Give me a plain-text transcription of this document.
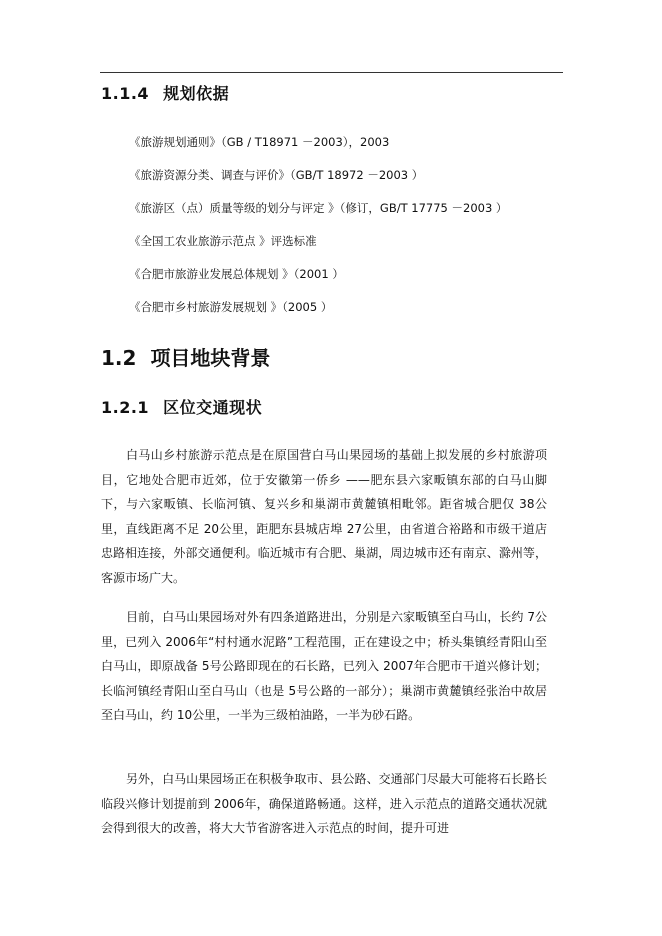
1.1.4 规划依据
《旅游规划通则》（GB / T18971 －2003），2003
《旅游资源分类、调查与评价》（GB/T 18972 －2003 ）
《旅游区（点）质量等级的划分与评定 》（修订，GB/T 17775 －2003 ）
《全国工农业旅游示范点 》评选标准
《合肥市旅游业发展总体规划 》（2001 ）
《合肥市乡村旅游发展规划 》（2005 ）
1.2 项目地块背景
1.2.1 区位交通现状

白马山乡村旅游示范点是在原国营白马山果园场的基础上拟发展的乡村旅游项目，它地处合肥市近郊，位于安徽第一侨乡 ——肥东县六家畈镇东部的白马山脚下，与六家畈镇、长临河镇、复兴乡和巢湖市黄麓镇相毗邻。距省城合肥仅 38公里，直线距离不足 20公里，距肥东县城店埠 27公里，由省道合裕路和市级干道店忠路相连接，外部交通便利。临近城市有合肥、巢湖，周边城市还有南京、滁州等，客源市场广大。

目前，白马山果园场对外有四条道路进出，分别是六家畈镇至白马山，长约 7公里，已列入 2006年“村村通水泥路”工程范围，正在建设之中；桥头集镇经青阳山至白马山，即原战备 5号公路即现在的石长路，已列入 2007年合肥市干道兴修计划；长临河镇经青阳山至白马山（也是 5号公路的一部分）；巢湖市黄麓镇经张治中故居至白马山，约 10公里，一半为三级柏油路，一半为砂石路。

另外，白马山果园场正在积极争取市、县公路、交通部门尽最大可能将石长路长临段兴修计划提前到 2006年，确保道路畅通。这样，进入示范点的道路交通状况就会得到很大的改善，将大大节省游客进入示范点的时间，提升可进
